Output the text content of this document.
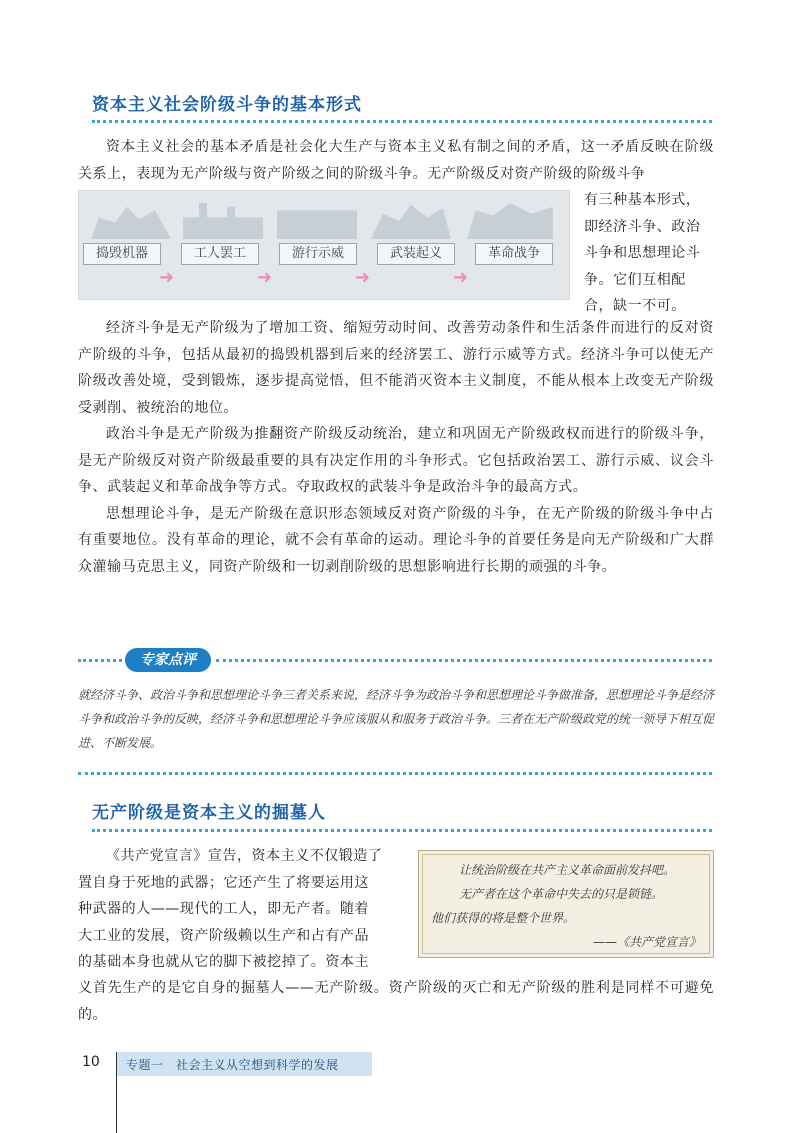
资本主义社会阶级斗争的基本形式

资本主义社会的基本矛盾是社会化大生产与资本主义私有制之间的矛盾，这一矛盾反映在阶级关系上，表现为无产阶级与资产阶级之间的阶级斗争。无产阶级反对资产阶级的阶级斗争

捣毁机器	工人罢工	游行示威	武装起义	革命战争
➜	➜	➜	➜
有三种基本形式，
即经济斗争、政治
斗争和思想理论斗
争。它们互相配
合，缺一不可。

经济斗争是无产阶级为了增加工资、缩短劳动时间、改善劳动条件和生活条件而进行的反对资产阶级的斗争，包括从最初的捣毁机器到后来的经济罢工、游行示威等方式。经济斗争可以使无产阶级改善处境，受到锻炼，逐步提高觉悟，但不能消灭资本主义制度，不能从根本上改变无产阶级受剥削、被统治的地位。

政治斗争是无产阶级为推翻资产阶级反动统治，建立和巩固无产阶级政权而进行的阶级斗争，是无产阶级反对资产阶级最重要的具有决定作用的斗争形式。它包括政治罢工、游行示威、议会斗争、武装起义和革命战争等方式。夺取政权的武装斗争是政治斗争的最高方式。

思想理论斗争，是无产阶级在意识形态领域反对资产阶级的斗争，在无产阶级的阶级斗争中占有重要地位。没有革命的理论，就不会有革命的运动。理论斗争的首要任务是向无产阶级和广大群众灌输马克思主义，同资产阶级和一切剥削阶级的思想影响进行长期的顽强的斗争。

专家点评
就经济斗争、政治斗争和思想理论斗争三者关系来说，经济斗争为政治斗争和思想理论斗争做准备，思想理论斗争是经济斗争和政治斗争的反映，经济斗争和思想理论斗争应该服从和服务于政治斗争。三者在无产阶级政党的统一领导下相互促进、不断发展。
无产阶级是资本主义的掘墓人
《共产党宣言》宣告，资本主义不仅锻造了
置自身于死地的武器；它还产生了将要运用这
种武器的人——现代的工人，即无产者。随着
大工业的发展，资产阶级赖以生产和占有产品
的基础本身也就从它的脚下被挖掉了。资本主
义首先生产的是它自身的掘墓人——无产阶级。资产阶级的灭亡和无产阶级的胜利是同样不可避免的。
让统治阶级在共产主义革命面前发抖吧。
无产者在这个革命中失去的只是锁链。
他们获得的将是整个世界。
——《共产党宣言》
10 专题一　社会主义从空想到科学的发展
